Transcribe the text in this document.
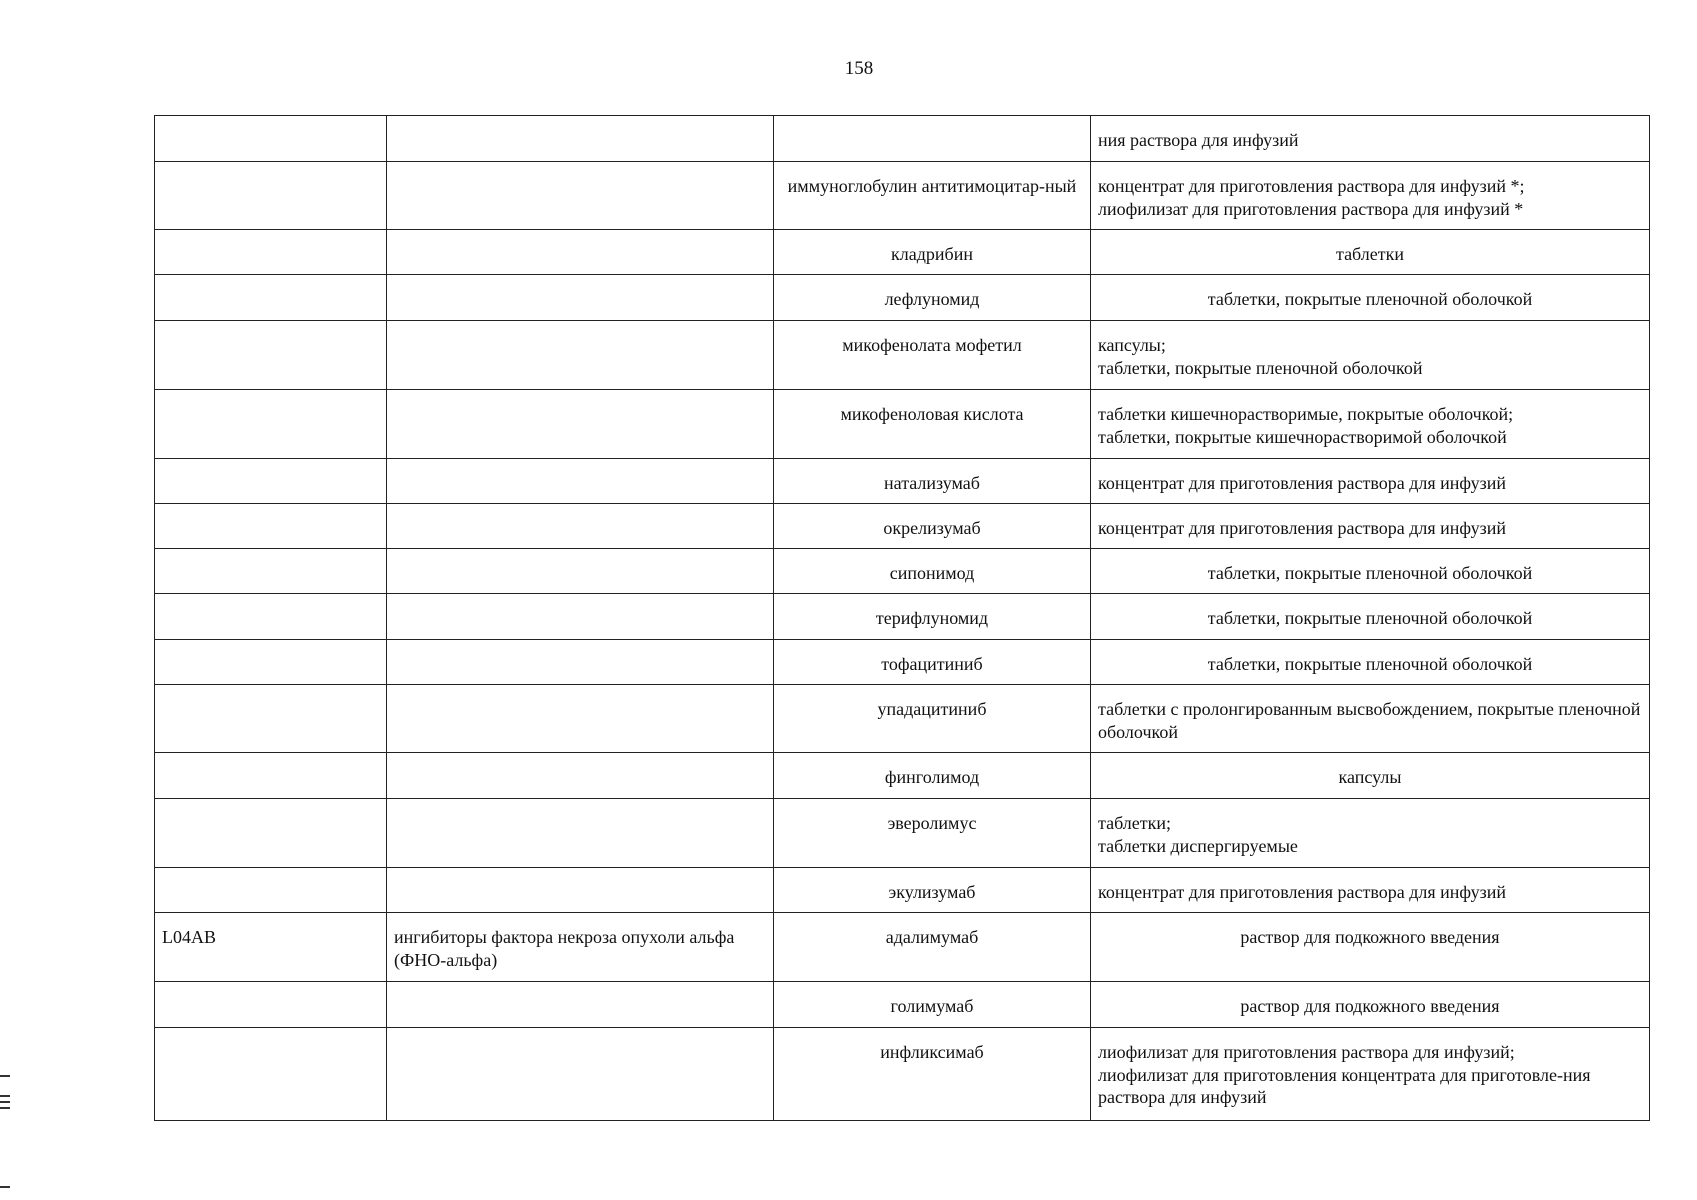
158

			ния раствора для инфузий

		иммуноглобулин антитимоцитар-ный	концентрат для приготовления раствора для инфузий *;
лиофилизат для приготовления раствора для инфузий *

		кладрибин	таблетки

		лефлуномид	таблетки, покрытые пленочной оболочкой

		микофенолата мофетил	капсулы;
таблетки, покрытые пленочной оболочкой

		микофеноловая кислота	таблетки кишечнорастворимые, покрытые оболочкой;
таблетки, покрытые кишечнорастворимой оболочкой

		натализумаб	концентрат для приготовления раствора для инфузий

		окрелизумаб	концентрат для приготовления раствора для инфузий

		сипонимод	таблетки, покрытые пленочной оболочкой

		терифлуномид	таблетки, покрытые пленочной оболочкой

		тофацитиниб	таблетки, покрытые пленочной оболочкой

		упадацитиниб	таблетки с пролонгированным высвобождением, покрытые пленочной оболочкой

		финголимод	капсулы

		эверолимус	таблетки;
таблетки диспергируемые

		экулизумаб	концентрат для приготовления раствора для инфузий

L04AB	ингибиторы фактора некроза опухоли альфа (ФНО-альфа)	адалимумаб	раствор для подкожного введения

		голимумаб	раствор для подкожного введения

		инфликсимаб	лиофилизат для приготовления раствора для инфузий;
лиофилизат для приготовления концентрата для приготовле-ния раствора для инфузий
